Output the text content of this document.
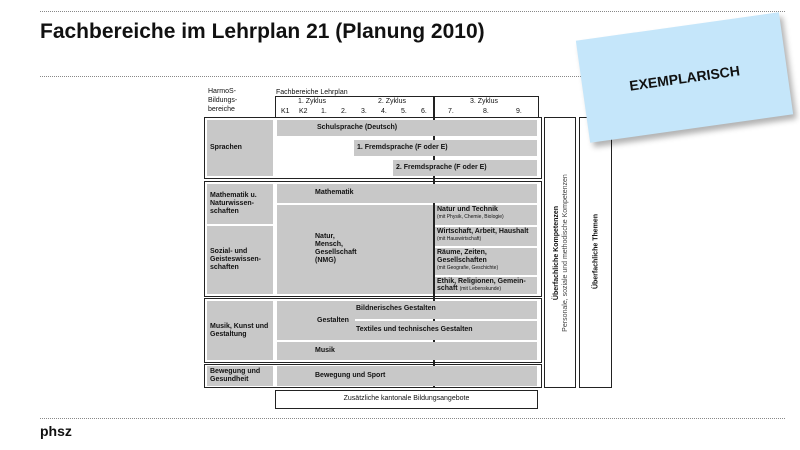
Fachbereiche im Lehrplan 21 (Planung 2010)
phsz
HarmoS-
Bildungs-
bereiche
Fachbereiche Lehrplan
1. Zyklus	2. Zyklus	3. Zyklus
K1 K2 1. 2. 3. 4. 5. 6.	7.	8.	9.
Sprachen
Schulsprache (Deutsch)
1. Fremdsprache (F oder E)
2. Fremdsprache (F oder E)
Mathematik u. Naturwissen-schaften
Sozial- und Geisteswissen-schaften
Mathematik
Natur, Mensch, Gesellschaft (NMG)
Natur und Technik
(mit Physik, Chemie, Biologie)
Wirtschaft, Arbeit, Haushalt
(mit Hauswirtschaft)
Räume, Zeiten, Gesellschaften
(mit Geografie, Geschichte)
Ethik, Religionen, Gemein-schaft (mit Lebenskunde)
Musik, Kunst und Gestaltung
Gestalten
Bildnerisches Gestalten
Textiles und technisches Gestalten
Musik
Bewegung und Gesundheit
Bewegung und Sport
Zusätzliche kantonale Bildungsangebote
Überfachliche Kompetenzen Personale, soziale und methodische Kompetenzen	Überfachliche Themen
EXEMPLARISCH
